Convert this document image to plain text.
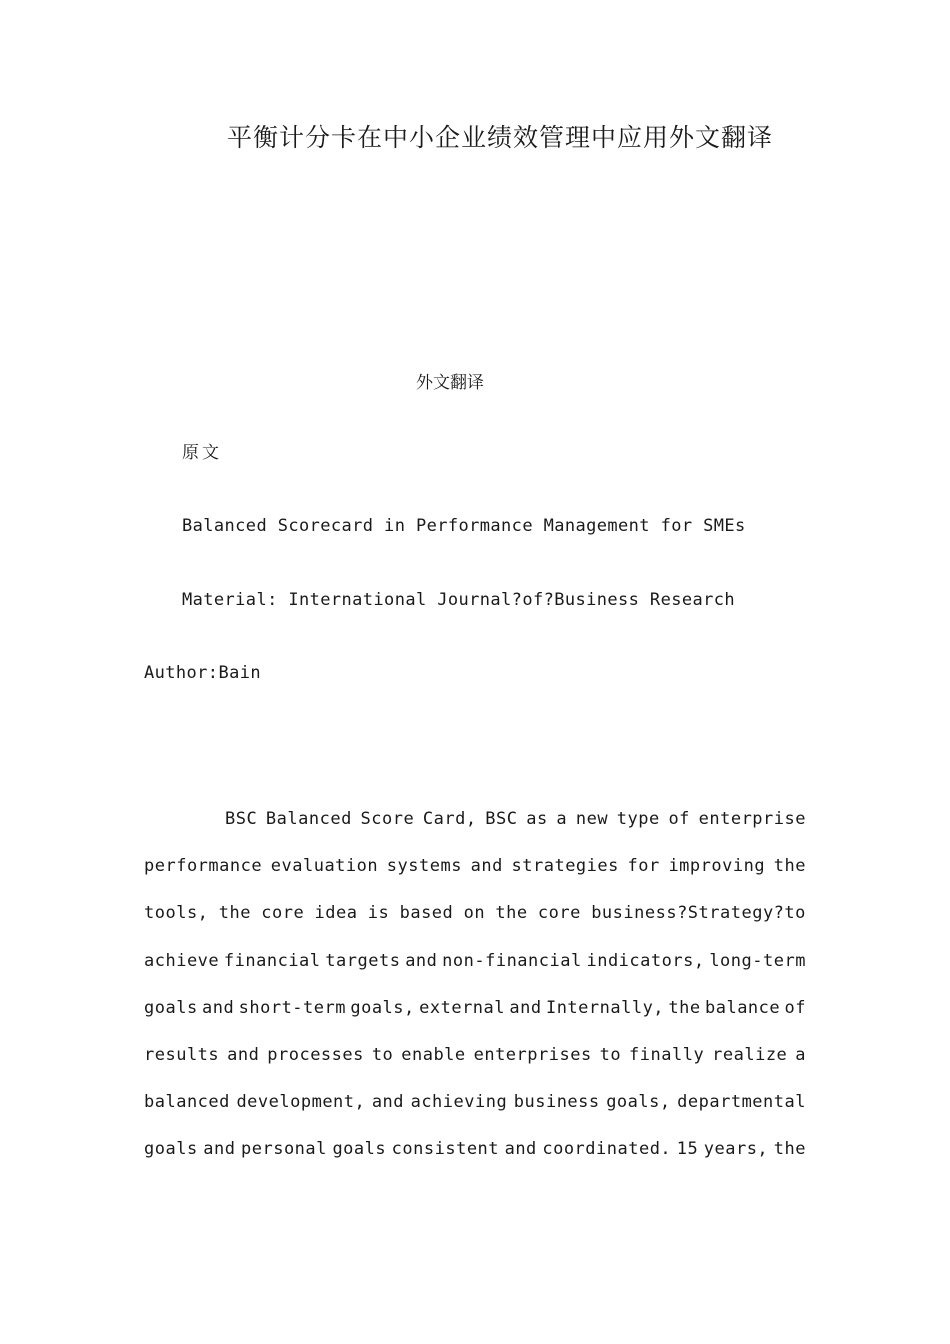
平衡计分卡在中小企业绩效管理中应用外文翻译
外文翻译
原文
Balanced Scorecard in Performance Management for SMEs
Material: International Journal?of?Business Research
Author:Bain
BSC Balanced Score Card, BSC as a new type of enterprise
performance evaluation systems and strategies for improving the
tools, the core idea is based on the core business?Strategy?to
achieve financial targets and non-financial indicators, long-term
goals and short-term goals, external and Internally, the balance of
results and processes to enable enterprises to finally realize a
balanced development, and achieving business goals, departmental
goals and personal goals consistent and coordinated. 15 years, the
